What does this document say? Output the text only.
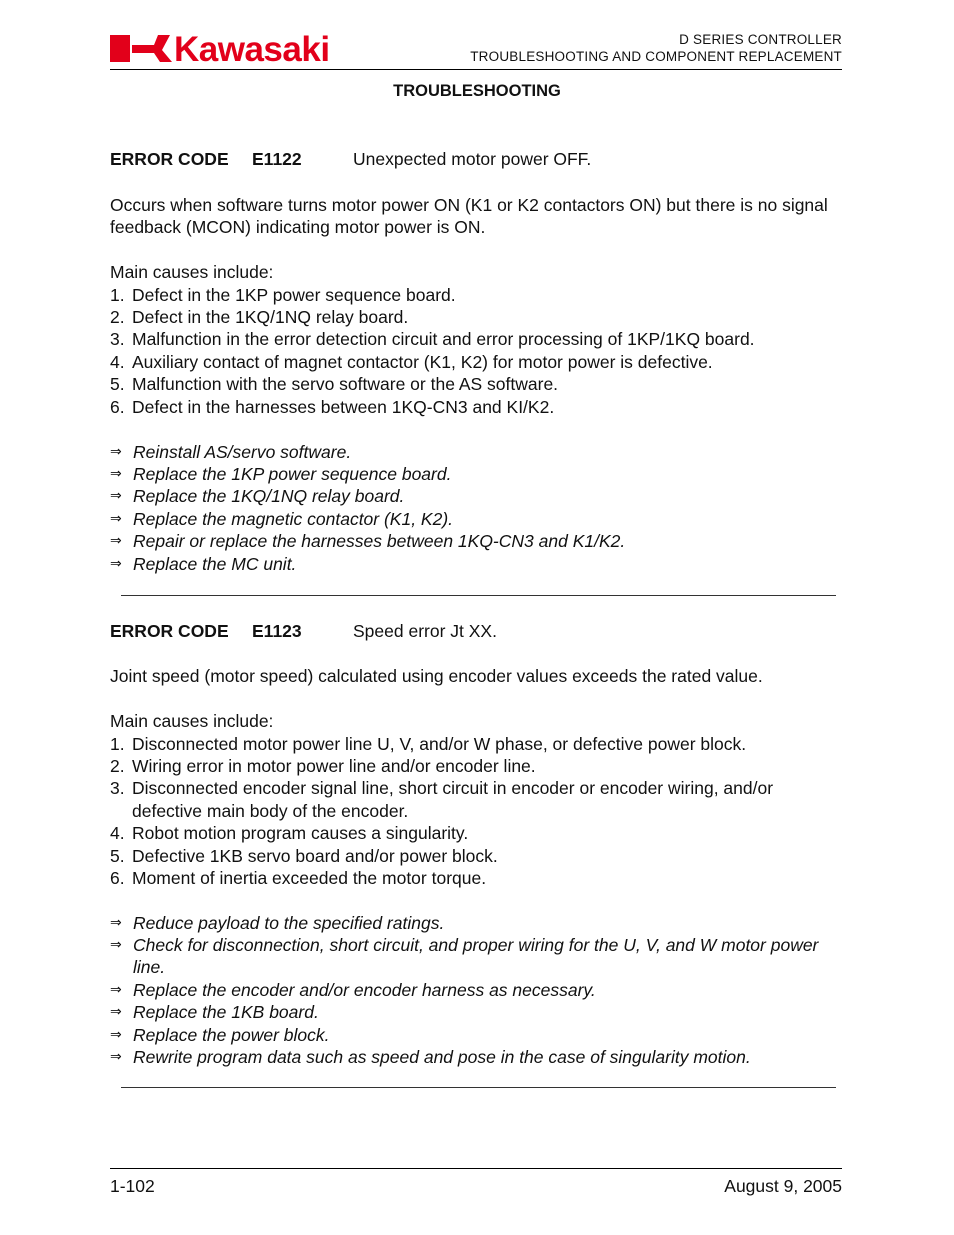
Kawasaki	D SERIES CONTROLLER
TROUBLESHOOTING AND COMPONENT REPLACEMENT
TROUBLESHOOTING
ERROR CODE E1122	Unexpected motor power OFF.
Occurs when software turns motor power ON (K1 or K2 contactors ON) but there is no signal feedback (MCON) indicating motor power is ON.
Main causes include:
1. Defect in the 1KP power sequence board.
2. Defect in the 1KQ/1NQ relay board.
3. Malfunction in the error detection circuit and error processing of 1KP/1KQ board.
4. Auxiliary contact of magnet contactor (K1, K2) for motor power is defective.
5. Malfunction with the servo software or the AS software.
6. Defect in the harnesses between 1KQ-CN3 and KI/K2.
⇒ Reinstall AS/servo software.
⇒ Replace the 1KP power sequence board.
⇒ Replace the 1KQ/1NQ relay board.
⇒ Replace the magnetic contactor (K1, K2).
⇒ Repair or replace the harnesses between 1KQ-CN3 and K1/K2.
⇒ Replace the MC unit.
ERROR CODE E1123	Speed error Jt XX.
Joint speed (motor speed) calculated using encoder values exceeds the rated value.
Main causes include:
1. Disconnected motor power line U, V, and/or W phase, or defective power block.
2. Wiring error in motor power line and/or encoder line.
3. Disconnected encoder signal line, short circuit in encoder or encoder wiring, and/or defective main body of the encoder.
4. Robot motion program causes a singularity.
5. Defective 1KB servo board and/or power block.
6. Moment of inertia exceeded the motor torque.
⇒ Reduce payload to the specified ratings.
⇒ Check for disconnection, short circuit, and proper wiring for the U, V, and W motor power line.
⇒ Replace the encoder and/or encoder harness as necessary.
⇒ Replace the 1KB board.
⇒ Replace the power block.
⇒ Rewrite program data such as speed and pose in the case of singularity motion.
1-102	August 9, 2005
